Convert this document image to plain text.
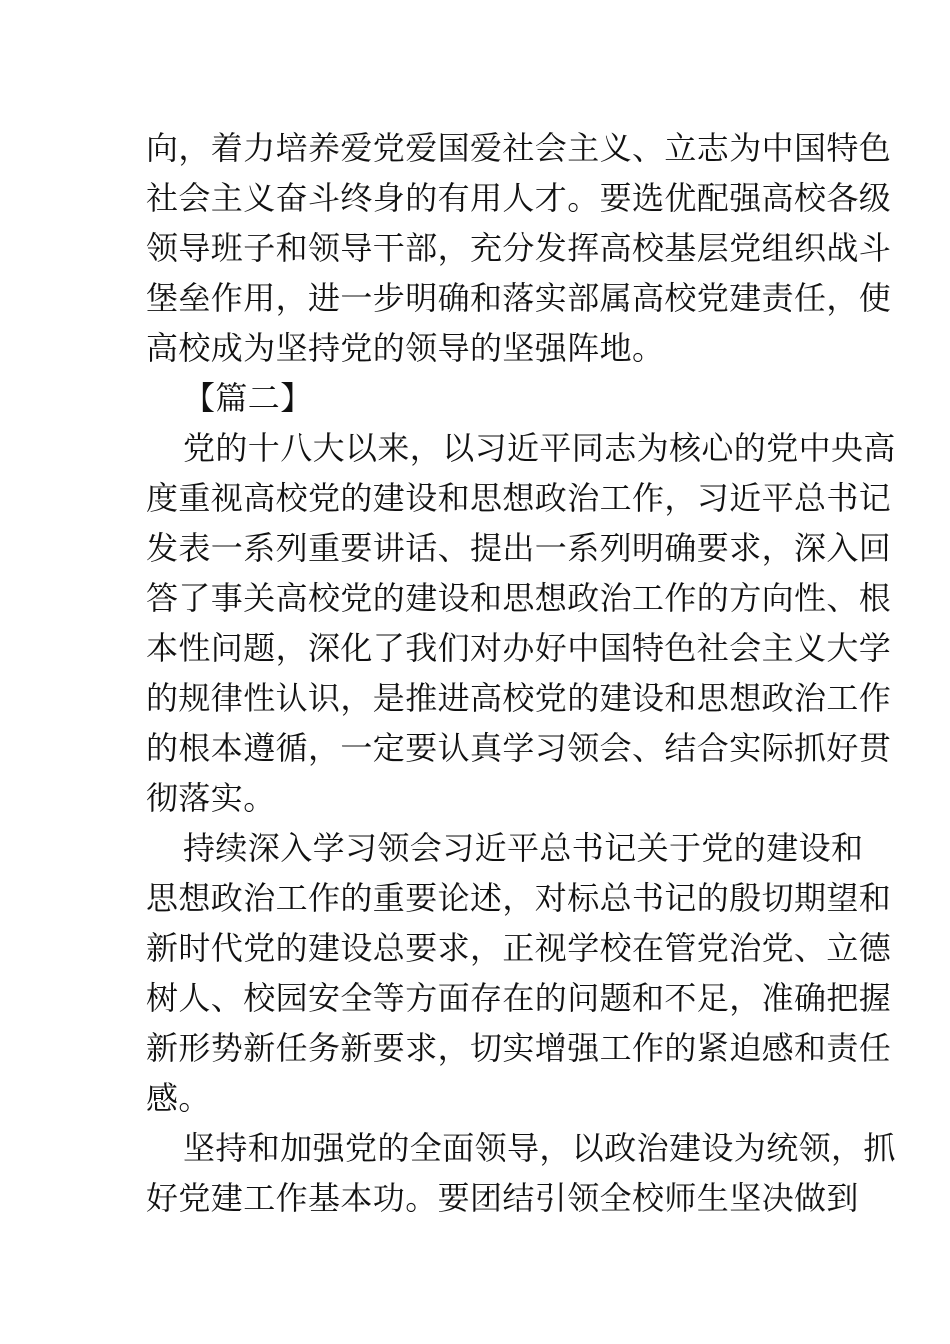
向，着力培养爱党爱国爱社会主义、立志为中国特色
社会主义奋斗终身的有用人才。要选优配强高校各级
领导班子和领导干部，充分发挥高校基层党组织战斗
堡垒作用，进一步明确和落实部属高校党建责任，使
高校成为坚持党的领导的坚强阵地。
【篇二】
党的十八大以来，以习近平同志为核心的党中央高
度重视高校党的建设和思想政治工作，习近平总书记
发表一系列重要讲话、提出一系列明确要求，深入回
答了事关高校党的建设和思想政治工作的方向性、根
本性问题，深化了我们对办好中国特色社会主义大学
的规律性认识，是推进高校党的建设和思想政治工作
的根本遵循，一定要认真学习领会、结合实际抓好贯
彻落实。
持续深入学习领会习近平总书记关于党的建设和
思想政治工作的重要论述，对标总书记的殷切期望和
新时代党的建设总要求，正视学校在管党治党、立德
树人、校园安全等方面存在的问题和不足，准确把握
新形势新任务新要求，切实增强工作的紧迫感和责任
感。
坚持和加强党的全面领导，以政治建设为统领，抓
好党建工作基本功。要团结引领全校师生坚决做到
